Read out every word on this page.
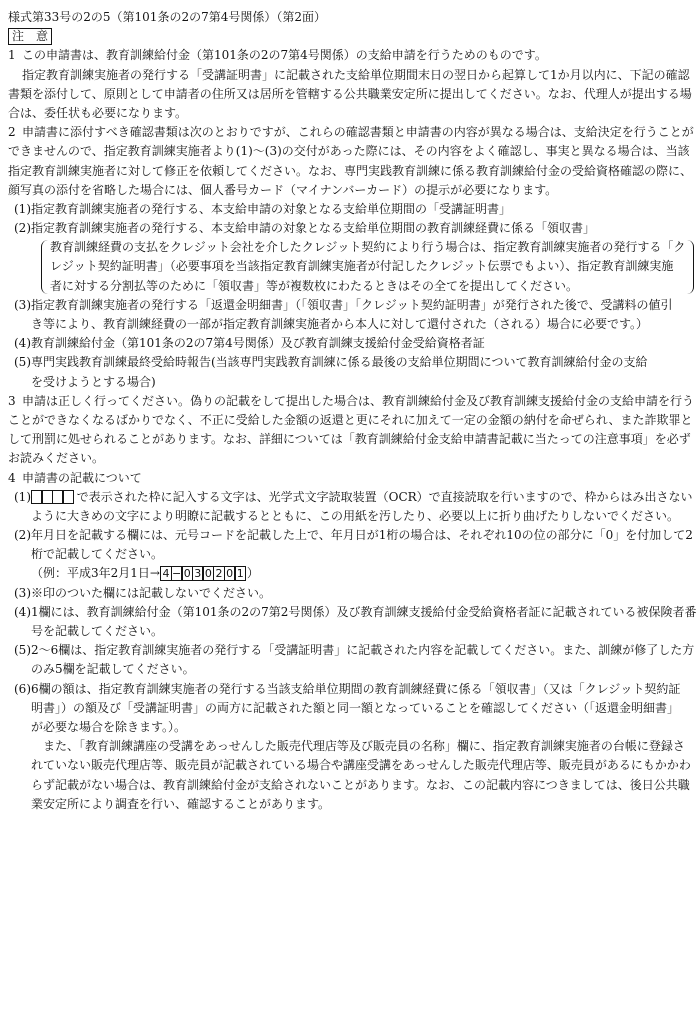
様式第33号の2の5（第101条の2の7第4号関係）（第2面）
注　意
1 この申請書は、教育訓練給付金（第101条の2の7第4号関係）の支給申請を行うためのものです。
指定教育訓練実施者の発行する「受講証明書」に記載された支給単位期間末日の翌日から起算して1か月以内に、下記の確認
書類を添付して、原則として申請者の住所又は居所を管轄する公共職業安定所に提出してください。なお、代理人が提出する場
合は、委任状も必要になります。
2 申請書に添付すべき確認書類は次のとおりですが、これらの確認書類と申請書の内容が異なる場合は、支給決定を行うことが
できませんので、指定教育訓練実施者より(1)～(3)の交付があった際には、その内容をよく確認し、事実と異なる場合は、当該
指定教育訓練実施者に対して修正を依頼してください。なお、専門実践教育訓練に係る教育訓練給付金の受給資格確認の際に、
顔写真の添付を省略した場合には、個人番号カード（マイナンバーカード）の提示が必要になります。
(1)指定教育訓練実施者の発行する、本支給申請の対象となる支給単位期間の「受講証明書」
(2)指定教育訓練実施者の発行する、本支給申請の対象となる支給単位期間の教育訓練経費に係る「領収書」
教育訓練経費の支払をクレジット会社を介したクレジット契約により行う場合は、指定教育訓練実施者の発行する「ク
レジット契約証明書」（必要事項を当該指定教育訓練実施者が付記したクレジット伝票でもよい）、指定教育訓練実施
者に対する分割払等のために「領収書」等が複数枚にわたるときはその全てを提出してください。
(3)指定教育訓練実施者の発行する「返還金明細書」（「領収書」「クレジット契約証明書」が発行された後で、受講料の値引
き等により、教育訓練経費の一部が指定教育訓練実施者から本人に対して還付された（される）場合に必要です。）
(4)教育訓練給付金（第101条の2の7第4号関係）及び教育訓練支援給付金受給資格者証
(5)専門実践教育訓練最終受給時報告(当該専門実践教育訓練に係る最後の支給単位期間について教育訓練給付金の支給
を受けようとする場合)
3 申請は正しく行ってください。偽りの記載をして提出した場合は、教育訓練給付金及び教育訓練支援給付金の支給申請を行う
ことができなくなるばかりでなく、不正に受給した金額の返還と更にそれに加えて一定の金額の納付を命ぜられ、また詐欺罪と
して刑罰に処せられることがあります。なお、詳細については「教育訓練給付金支給申請書記載に当たっての注意事項」を必ず
お読みください。
4 申請書の記載について
(1)	で表示された枠に記入する文字は、光学式文字読取装置（OCR）で直接読取を行いますので、枠からはみ出さない
ように大きめの文字により明瞭に記載するとともに、この用紙を汚したり、必要以上に折り曲げたりしないでください。
(2)年月日を記載する欄には、元号コードを記載した上で、年月日が1桁の場合は、それぞれ10の位の部分に「0」を付加して2
桁で記載してください。
（例：平成3年2月1日→ 4 − 0 3 0 2 0 1 ）
(3)※印のついた欄には記載しないでください。
(4)1欄には、教育訓練給付金（第101条の2の7第2号関係）及び教育訓練支援給付金受給資格者証に記載されている被保険者番
号を記載してください。
(5)2～6欄は、指定教育訓練実施者の発行する「受講証明書」に記載された内容を記載してください。また、訓練が修了した方
のみ5欄を記載してください。
(6)6欄の額は、指定教育訓練実施者の発行する当該支給単位期間の教育訓練経費に係る「領収書」（又は「クレジット契約証
明書」）の額及び「受講証明書」の両方に記載された額と同一額となっていることを確認してください（「返還金明細書」
が必要な場合を除きます。）。
また、「教育訓練講座の受講をあっせんした販売代理店等及び販売員の名称」欄に、指定教育訓練実施者の台帳に登録さ
れていない販売代理店等、販売員が記載されている場合や講座受講をあっせんした販売代理店等、販売員があるにもかかわ
らず記載がない場合は、教育訓練給付金が支給されないことがあります。なお、この記載内容につきましては、後日公共職
業安定所により調査を行い、確認することがあります。
